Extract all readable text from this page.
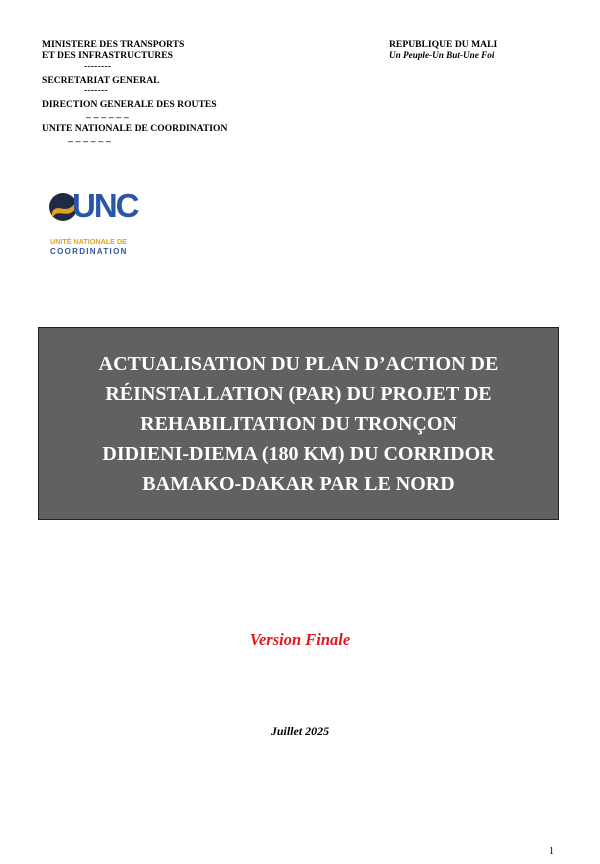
MINISTERE DES TRANSPORTS
ET DES INFRASTRUCTURES
--------
SECRETARIAT GENERAL
-------
DIRECTION GENERALE DES ROUTES
_ _ _ _ _ _
UNITE NATIONALE DE COORDINATION
_ _ _ _ _ _
REPUBLIQUE DU MALI
Un Peuple-Un But-Une Foi
UNC
UNITÉ NATIONALE DE
COORDINATION

ACTUALISATION DU PLAN D’ACTION DE
RÉINSTALLATION (PAR) DU PROJET DE
REHABILITATION DU TRONÇON
DIDIENI-DIEMA (180 KM) DU CORRIDOR
BAMAKO-DAKAR PAR LE NORD

Version Finale
Juillet 2025
1
